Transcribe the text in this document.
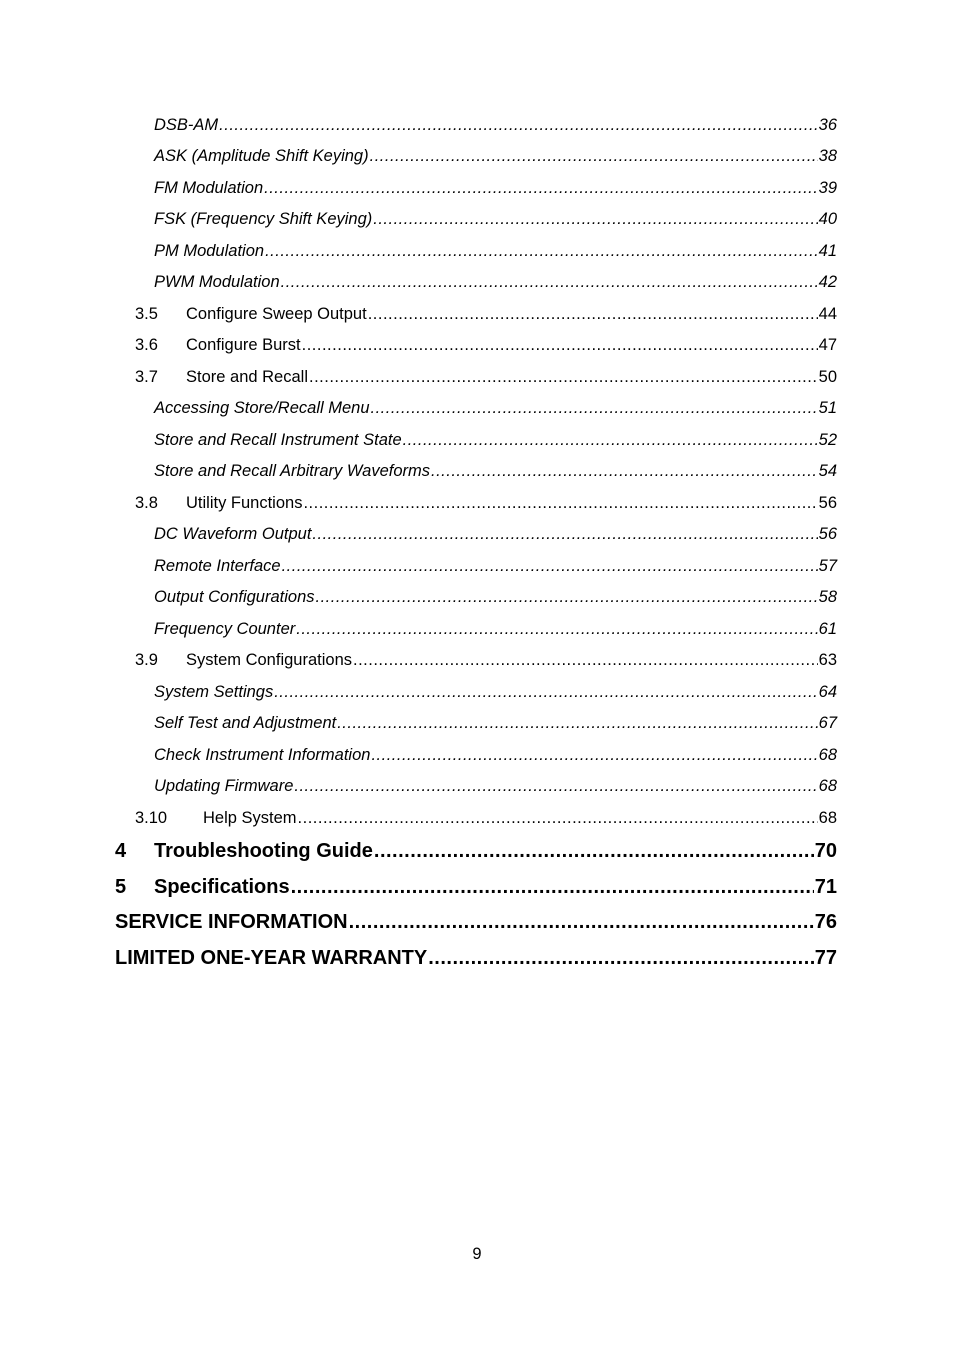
DSB-AM .....	36
ASK (Amplitude Shift Keying) .....	38
FM Modulation .....	39
FSK (Frequency Shift Keying) .....	40
PM Modulation .....	41
PWM Modulation .....	42
3.5	Configure Sweep Output .....	44
3.6	Configure Burst .....	47
3.7	Store and Recall .....	50
Accessing Store/Recall Menu .....	51
Store and Recall Instrument State .....	52
Store and Recall Arbitrary Waveforms .....	54
3.8	Utility Functions .....	56
DC Waveform Output .....	56
Remote Interface .....	57
Output Configurations .....	58
Frequency Counter .....	61
3.9	System Configurations .....	63
System Settings .....	64
Self Test and Adjustment .....	67
Check Instrument Information .....	68
Updating Firmware .....	68
3.10	Help System .....	68
4	Troubleshooting Guide .....	70
5	Specifications .....	71
SERVICE INFORMATION .....	76
LIMITED ONE-YEAR WARRANTY .....	77
9
